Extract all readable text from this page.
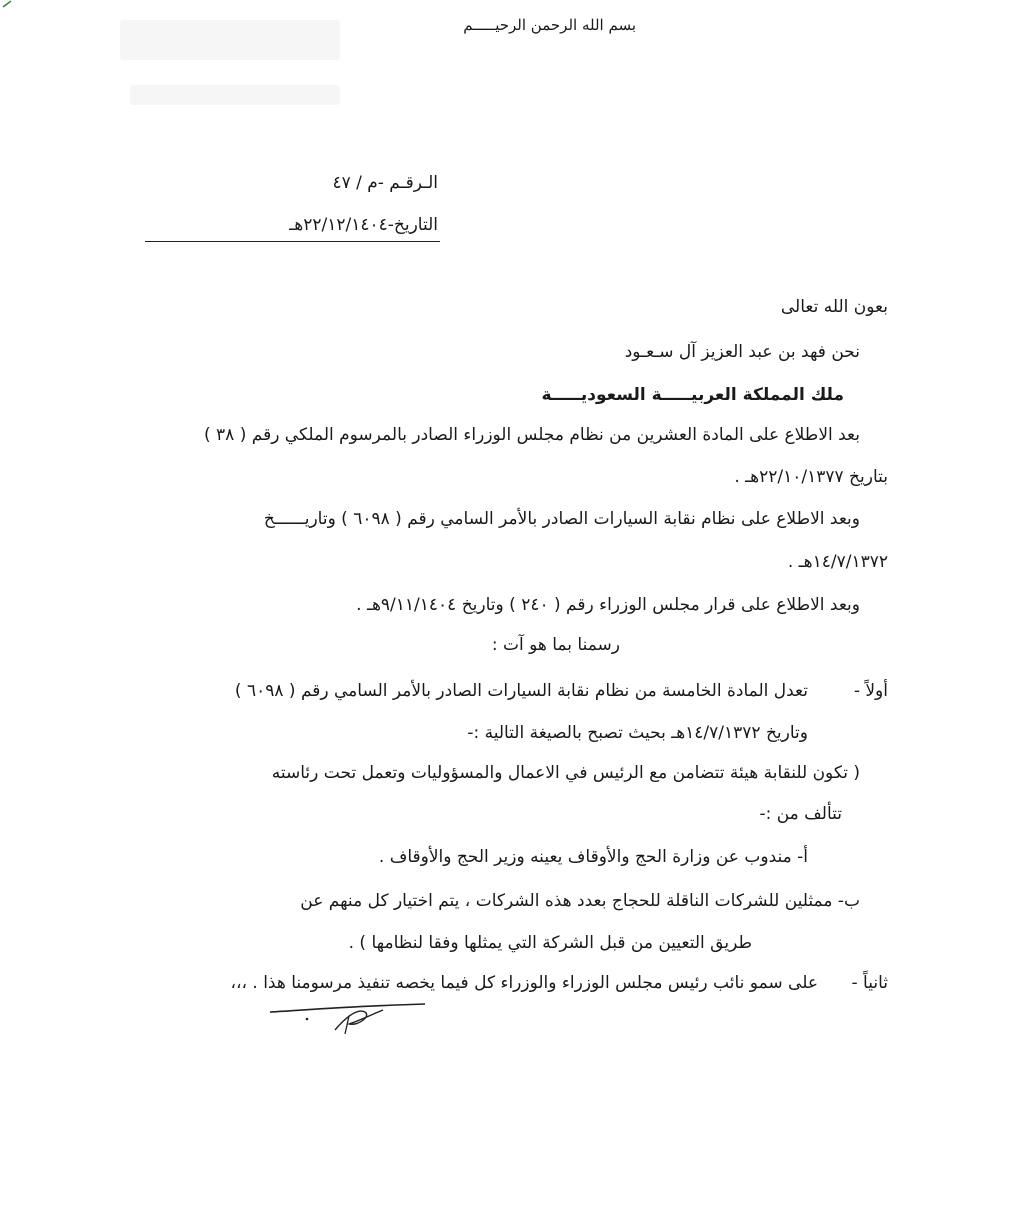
بسم الله الرحمن الرحيـــــم
الـرقـم -م / ٤٧
التاريخ-٢٢/١٢/١٤٠٤هـ
بعون الله تعالى
نحن فهد بن عبد العزيز آل سـعـود
ملك المملكة العربيـــــة السعوديـــــة
بعد الاطلاع على المادة العشرين من نظام مجلس الوزراء الصادر بالمرسوم الملكي رقم ( ٣٨ )
بتاريخ ٢٢/١٠/١٣٧٧هـ .
وبعد الاطلاع على نظام نقابة السيارات الصادر بالأمر السامي رقم ( ٦٠٩٨ ) وتاريــــــخ
١٤/٧/١٣٧٢هـ .
وبعد الاطلاع على قرار مجلس الوزراء رقم ( ٢٤٠ ) وتاريخ ٩/١١/١٤٠٤هـ .
رسمنا بما هو آت :
أولاً -
تعدل المادة الخامسة من نظام نقابة السيارات الصادر بالأمر السامي رقم ( ٦٠٩٨ )
وتاريخ ١٤/٧/١٣٧٢هـ بحيث تصبح بالصيغة التالية :-
( تكون للنقابة هيئة تتضامن مع الرئيس في الاعمال والمسؤوليات وتعمل تحت رئاسته
تتألف من :-
أ- مندوب عن وزارة الحج والأوقاف يعينه وزير الحج والأوقاف .
ب- ممثلين للشركات الناقلة للحجاج بعدد هذه الشركات ، يتم اختيار كل منهم عن
طريق التعيين من قبل الشركة التي يمثلها وفقا لنظامها ) .
ثانياً -
على سمو نائب رئيس مجلس الوزراء والوزراء كل فيما يخصه تنفيذ مرسومنا هذا . ،،،
